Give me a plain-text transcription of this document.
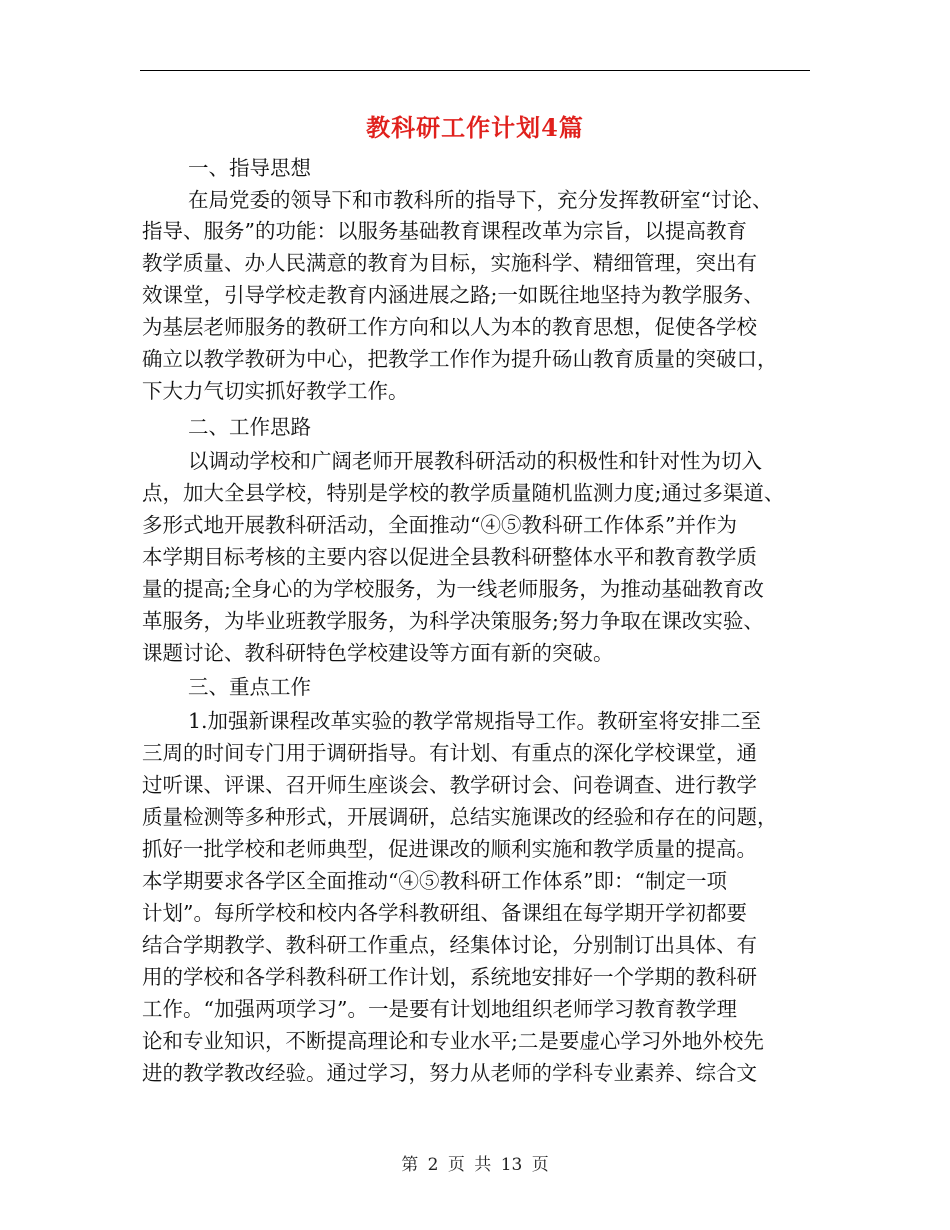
教科研工作计划4篇
一、指导思想
在局党委的领导下和市教科所的指导下，充分发挥教研室“讨论、
指导、服务”的功能：以服务基础教育课程改革为宗旨，以提高教育
教学质量、办人民满意的教育为目标，实施科学、精细管理，突出有
效课堂，引导学校走教育内涵进展之路;一如既往地坚持为教学服务、
为基层老师服务的教研工作方向和以人为本的教育思想，促使各学校
确立以教学教研为中心，把教学工作作为提升砀山教育质量的突破口，
下大力气切实抓好教学工作。
二、工作思路
以调动学校和广阔老师开展教科研活动的积极性和针对性为切入
点，加大全县学校，特别是学校的教学质量随机监测力度;通过多渠道、
多形式地开展教科研活动，全面推动“④⑤教科研工作体系”并作为
本学期目标考核的主要内容以促进全县教科研整体水平和教育教学质
量的提高;全身心的为学校服务，为一线老师服务，为推动基础教育改
革服务，为毕业班教学服务，为科学决策服务;努力争取在课改实验、
课题讨论、教科研特色学校建设等方面有新的突破。
三、重点工作
1.加强新课程改革实验的教学常规指导工作。教研室将安排二至
三周的时间专门用于调研指导。有计划、有重点的深化学校课堂，通
过听课、评课、召开师生座谈会、教学研讨会、问卷调查、进行教学
质量检测等多种形式，开展调研，总结实施课改的经验和存在的问题，
抓好一批学校和老师典型，促进课改的顺利实施和教学质量的提高。
本学期要求各学区全面推动“④⑤教科研工作体系”即：“制定一项
计划”。每所学校和校内各学科教研组、备课组在每学期开学初都要
结合学期教学、教科研工作重点，经集体讨论，分别制订出具体、有
用的学校和各学科教科研工作计划，系统地安排好一个学期的教科研
工作。“加强两项学习”。一是要有计划地组织老师学习教育教学理
论和专业知识，不断提高理论和专业水平;二是要虚心学习外地外校先
进的教学教改经验。通过学习，努力从老师的学科专业素养、综合文
第 2 页 共 13 页
